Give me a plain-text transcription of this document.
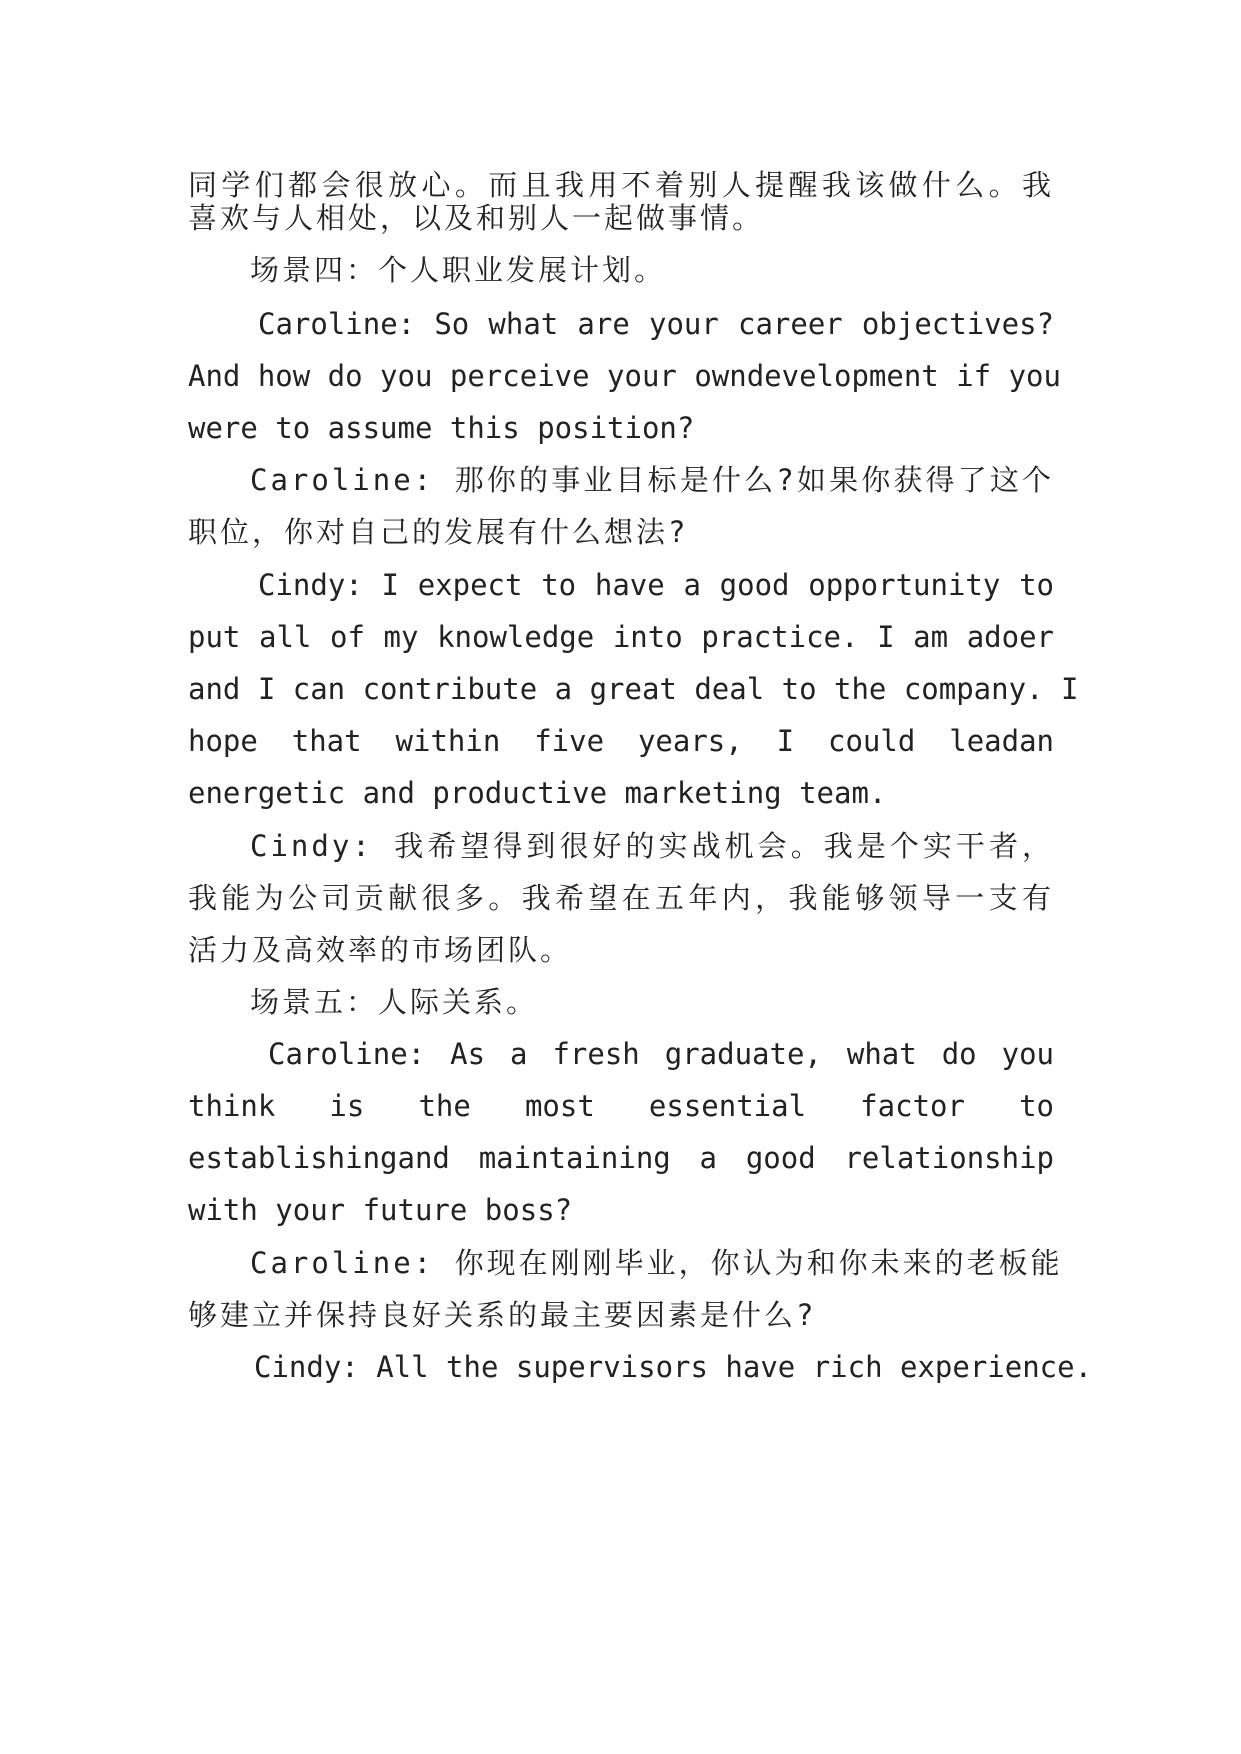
同学们都会很放心。而且我用不着别人提醒我该做什么。我
喜欢与人相处，以及和别人一起做事情。
场景四：个人职业发展计划。
Caroline: So what are your career objectives?
And how do you perceive your owndevelopment if you
were to assume this position?
Caroline: 那你的事业目标是什么?如果你获得了这个
职位，你对自己的发展有什么想法?
Cindy: I expect to have a good opportunity to
put all of my knowledge into practice. I am adoer
and I can contribute a great deal to the company. I
hope that within five years, I could leadan
energetic and productive marketing team.
Cindy: 我希望得到很好的实战机会。我是个实干者，
我能为公司贡献很多。我希望在五年内，我能够领导一支有
活力及高效率的市场团队。
场景五：人际关系。
Caroline: As a fresh graduate, what do you
think is the most essential factor to
establishingand maintaining a good relationship
with your future boss?
Caroline: 你现在刚刚毕业，你认为和你未来的老板能
够建立并保持良好关系的最主要因素是什么?
Cindy: All the supervisors have rich experience.
